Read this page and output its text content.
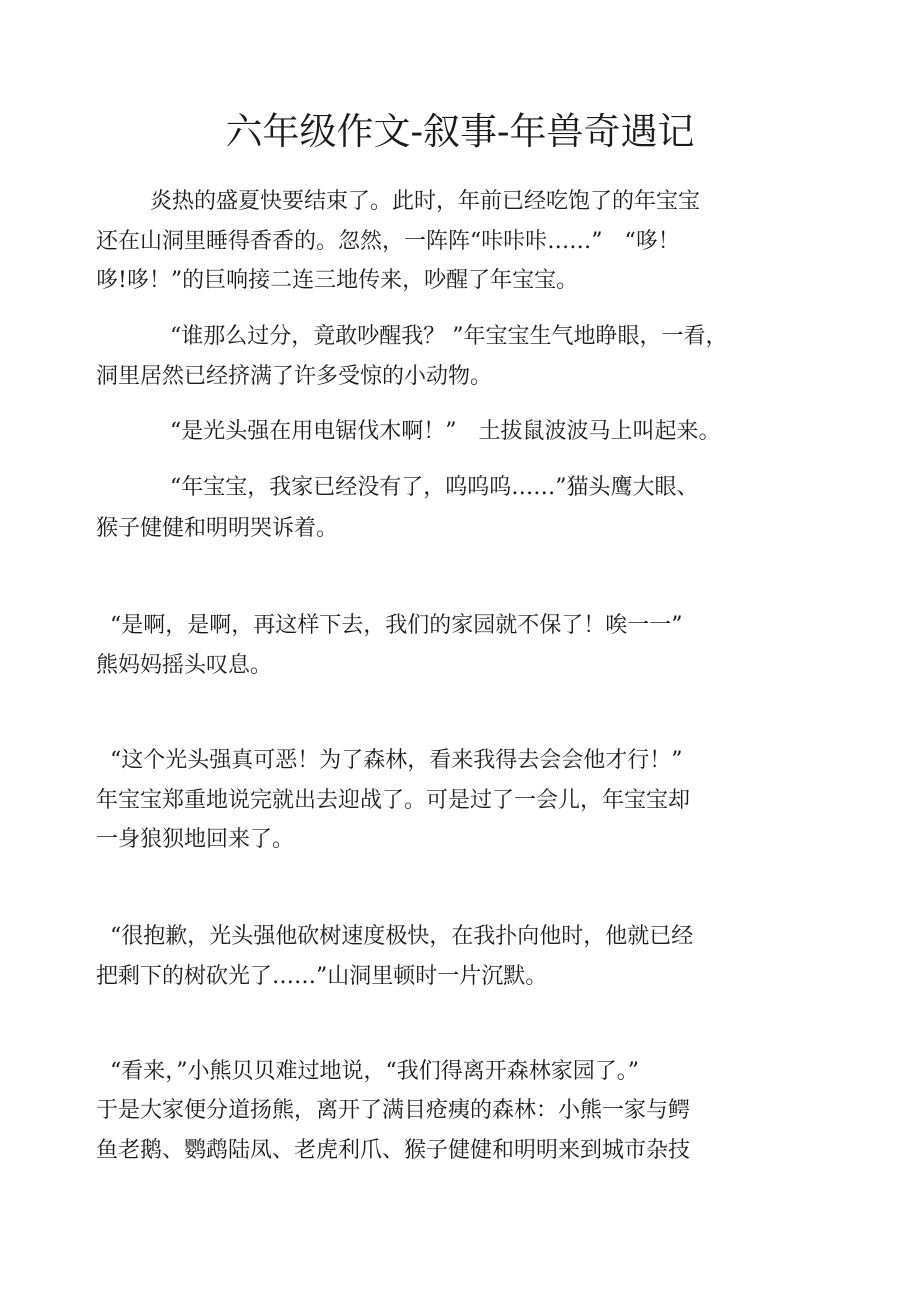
六年级作文-叙事-年兽奇遇记

炎热的盛夏快要结束了。此时，年前已经吃饱了的年宝宝

还在山洞里睡得香香的。忽然，一阵阵“咔咔咔……”　“哆！

哆!哆！”的巨响接二连三地传来，吵醒了年宝宝。

“谁那么过分，竟敢吵醒我？ ”年宝宝生气地睁眼，一看，

洞里居然已经挤满了许多受惊的小动物。

“是光头强在用电锯伐木啊！”　土拔鼠波波马上叫起来。

“年宝宝，我家已经没有了，呜呜呜……”猫头鹰大眼、

猴子健健和明明哭诉着。

“是啊，是啊，再这样下去，我们的家园就不保了！唉一一”

熊妈妈摇头叹息。

“这个光头强真可恶！为了森林，看来我得去会会他才行！”

年宝宝郑重地说完就出去迎战了。可是过了一会儿，年宝宝却

一身狼狈地回来了。

“很抱歉，光头强他砍树速度极快，在我扑向他时，他就已经

把剩下的树砍光了……”山洞里顿时一片沉默。

“看来，”小熊贝贝难过地说，“我们得离开森林家园了。”

于是大家便分道扬熊，离开了满目疮痍的森林：小熊一家与鳄

鱼老鹅、鹦鹉陆凤、老虎利爪、猴子健健和明明来到城市杂技
